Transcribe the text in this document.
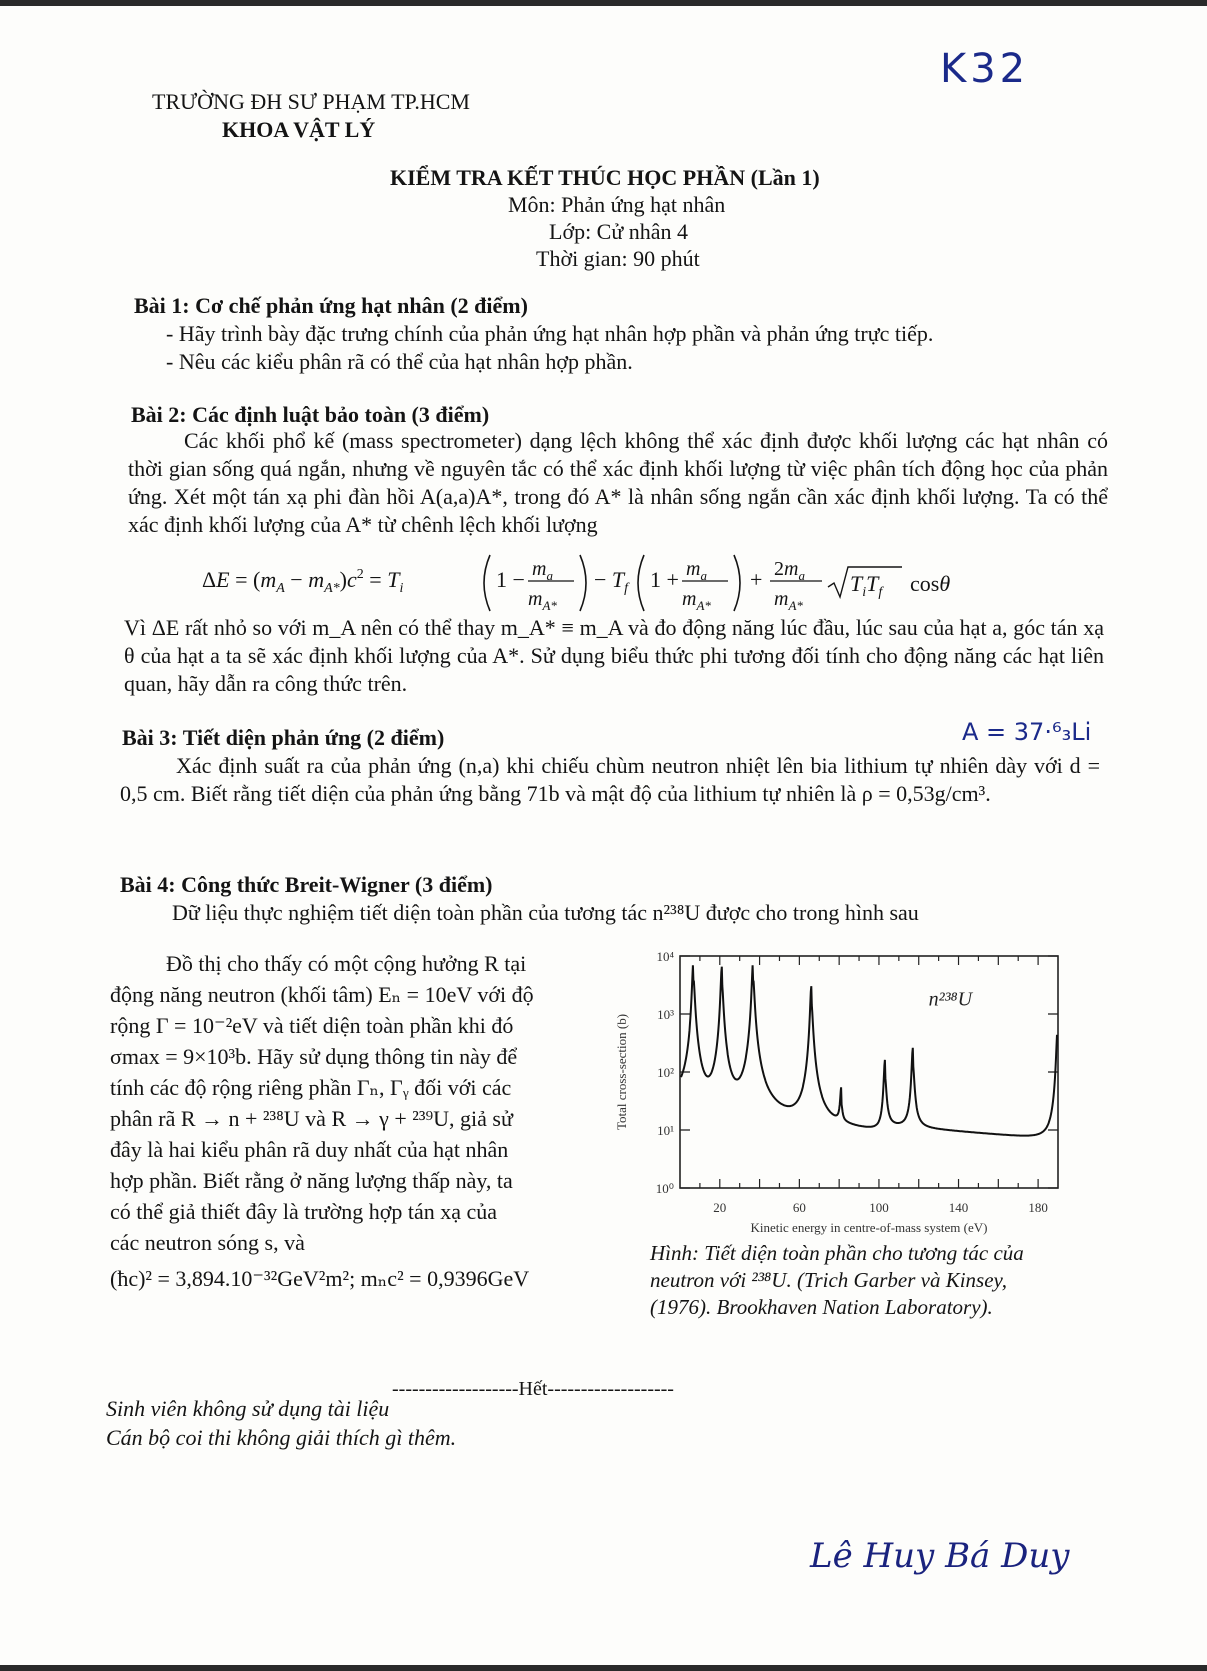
K32
TRƯỜNG ĐH SƯ PHẠM TP.HCM
KHOA VẬT LÝ
KIỂM TRA KẾT THÚC HỌC PHẦN (Lần 1)
Môn: Phản ứng hạt nhân
Lớp: Cử nhân 4
Thời gian: 90 phút
Bài 1: Cơ chế phản ứng hạt nhân (2 điểm)
- Hãy trình bày đặc trưng chính của phản ứng hạt nhân hợp phần và phản ứng trực tiếp.
- Nêu các kiểu phân rã có thể của hạt nhân hợp phần.
Bài 2: Các định luật bảo toàn (3 điểm)
Các khối phổ kế (mass spectrometer) dạng lệch không thể xác định được khối lượng các hạt nhân có thời gian sống quá ngắn, nhưng về nguyên tắc có thể xác định khối lượng từ việc phân tích động học của phản ứng. Xét một tán xạ phi đàn hồi A(a,a)A*, trong đó A* là nhân sống ngắn cần xác định khối lượng. Ta có thể xác định khối lượng của A* từ chênh lệch khối lượng
$\Delta E = (m_A - m_{A*})c^2 = T_i$	$1 - m_a$
$m_{A*}$
− $T_f$ $1 + m_a$
$m_{A*}$
+ $2m_a$
$m_{A*}$
$T_iT_f$ cosθ
Vì ΔE rất nhỏ so với m_A nên có thể thay m_A* ≡ m_A và đo động năng lúc đầu, lúc sau của hạt a, góc tán xạ θ của hạt a ta sẽ xác định khối lượng của A*. Sử dụng biểu thức phi tương đối tính cho động năng các hạt liên quan, hãy dẫn ra công thức trên.
Bài 3: Tiết diện phản ứng (2 điểm)	A = 37·⁶₃Li
Xác định suất ra của phản ứng (n,a) khi chiếu chùm neutron nhiệt lên bia lithium tự nhiên dày với d = 0,5 cm. Biết rằng tiết diện của phản ứng bằng 71b và mật độ của lithium tự nhiên là ρ = 0,53g/cm³.
Bài 4: Công thức Breit-Wigner (3 điểm)
Dữ liệu thực nghiệm tiết diện toàn phần của tương tác n²³⁸U được cho trong hình sau
Đồ thị cho thấy có một cộng hưởng R tại
động năng neutron (khối tâm) Eₙ = 10eV với độ
rộng Γ = 10⁻²eV và tiết diện toàn phần khi đó
σmax = 9×10³b. Hãy sử dụng thông tin này để
tính các độ rộng riêng phần Γₙ, Γᵧ đối với các
phân rã R → n + ²³⁸U và R → γ + ²³⁹U, giả sử
đây là hai kiểu phân rã duy nhất của hạt nhân
hợp phần. Biết rằng ở năng lượng thấp này, ta
có thể giả thiết đây là trường hợp tán xạ của
các neutron sóng s, và
(ħc)² = 3,894.10⁻³²GeV²m²; mₙc² = 0,9396GeV
10⁰
10¹
10²
10³
10⁴
20	60	100	140	180
Kinetic energy in centre-of-mass system (eV)
Total cross-section (b)
n²³⁸U
Hình: Tiết diện toàn phần cho tương tác của neutron với ²³⁸U. (Trich Garber và Kinsey, (1976). Brookhaven Nation Laboratory).
-------------------Hết-------------------
Sinh viên không sử dụng tài liệu
Cán bộ coi thi không giải thích gì thêm.
Lê Huy Bá Duy
